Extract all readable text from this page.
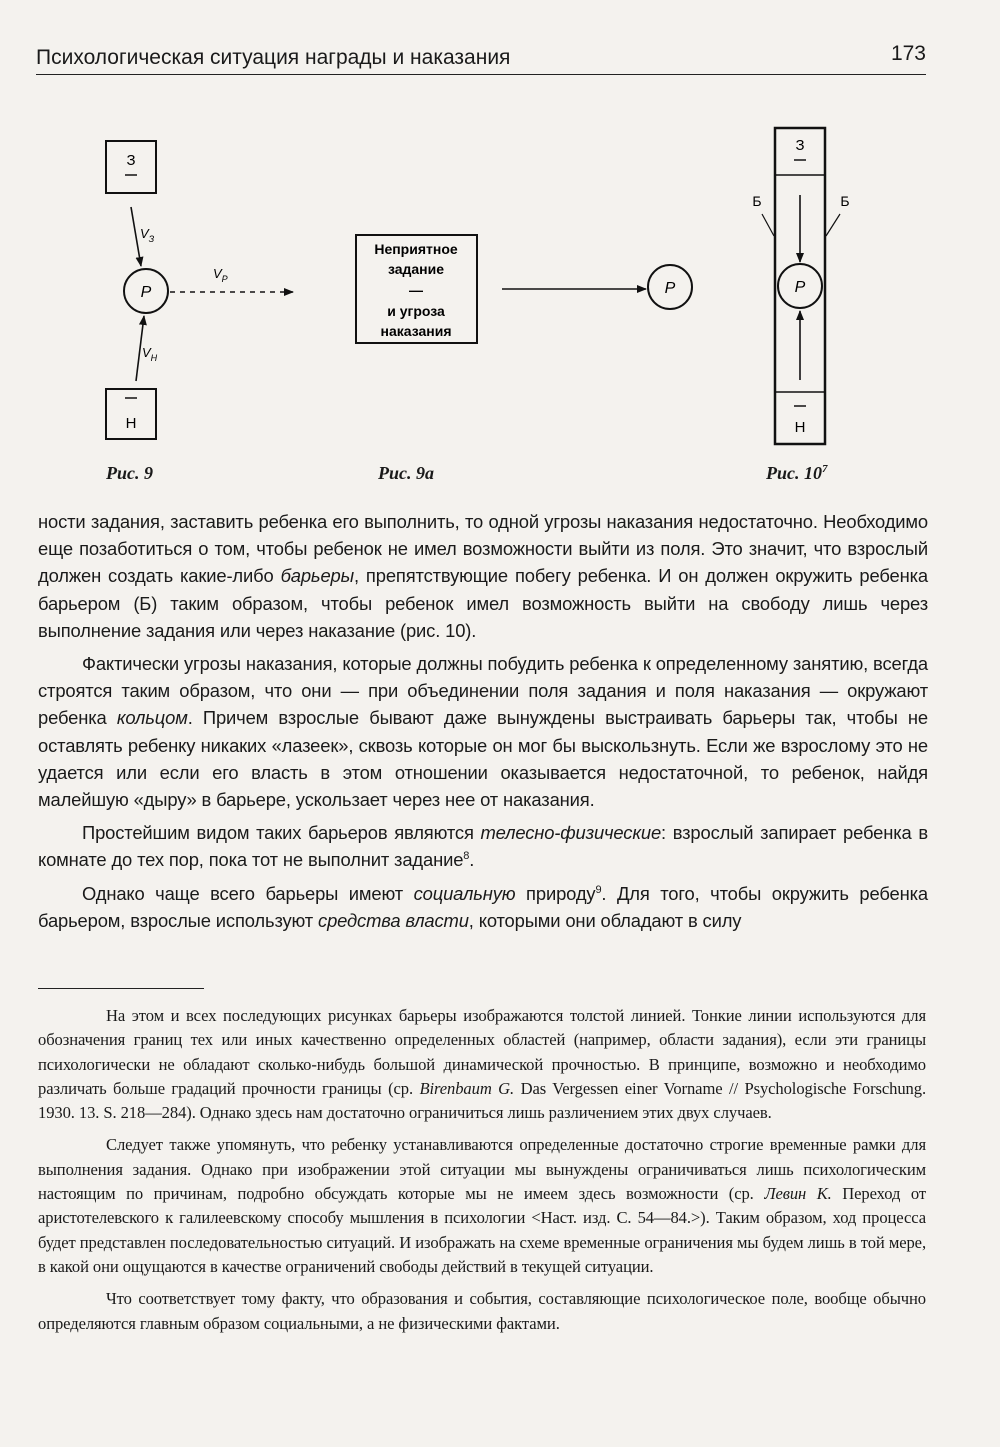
Психологическая ситуация награды и наказания	173
З
Н
P
$V_З$
$V_Н$
$V_P$
Неприятное
задание
—
и угроза
наказания
P
З
Н
P
Б	Б
Рис. 9	Рис. 9а	Рис. $10^7$

ности задания, заставить ребенка его выполнить, то одной угрозы наказания недостаточно. Необходимо еще позаботиться о том, чтобы ребенок не имел возможности выйти из поля. Это значит, что взрослый должен создать какие-либо барьеры, препятствующие побегу ребенка. И он должен окружить ребенка барьером (Б) таким образом, чтобы ребенок имел возможность выйти на свободу лишь через выполнение задания или через наказание (рис. 10).

Фактически угрозы наказания, которые должны побудить ребенка к определенному занятию, всегда строятся таким образом, что они — при объединении поля задания и поля наказания — окружают ребенка кольцом. Причем взрослые бывают даже вынуждены выстраивать барьеры так, чтобы не оставлять ребенку никаких «лазеек», сквозь которые он мог бы выскользнуть. Если же взрослому это не удается или если его власть в этом отношении оказывается недостаточной, то ребенок, найдя малейшую «дыру» в барьере, ускользает через нее от наказания.

Простейшим видом таких барьеров являются телесно-физические: взрослый запирает ребенка в комнате до тех пор, пока тот не выполнит задание$^8$.

Однако чаще всего барьеры имеют социальную природу$^9$. Для того, чтобы окружить ребенка барьером, взрослые используют средства власти, которыми они обладают в силу

На этом и всех последующих рисунках барьеры изображаются толстой линией. Тонкие линии используются для обозначения границ тех или иных качественно определенных областей (например, области задания), если эти границы психологически не обладают сколько-нибудь большой динамической прочностью. В принципе, возможно и необходимо различать больше градаций прочности границы (ср. Birenbaum G. Das Vergessen einer Vorname // Psychologische Forschung. 1930. 13. S. 218—284). Однако здесь нам достаточно ограничиться лишь различением этих двух случаев.

Следует также упомянуть, что ребенку устанавливаются определенные достаточно строгие временные рамки для выполнения задания. Однако при изображении этой ситуации мы вынуждены ограничиваться лишь психологическим настоящим по причинам, подробно обсуждать которые мы не имеем здесь возможности (ср. Левин К. Переход от аристотелевского к галилеевскому способу мышления в психологии <Наст. изд. С. 54—84.>). Таким образом, ход процесса будет представлен последовательностью ситуаций. И изображать на схеме временные ограничения мы будем лишь в той мере, в какой они ощущаются в качестве ограничений свободы действий в текущей ситуации.

Что соответствует тому факту, что образования и события, составляющие психологическое поле, вообще обычно определяются главным образом социальными, а не физическими фактами.
